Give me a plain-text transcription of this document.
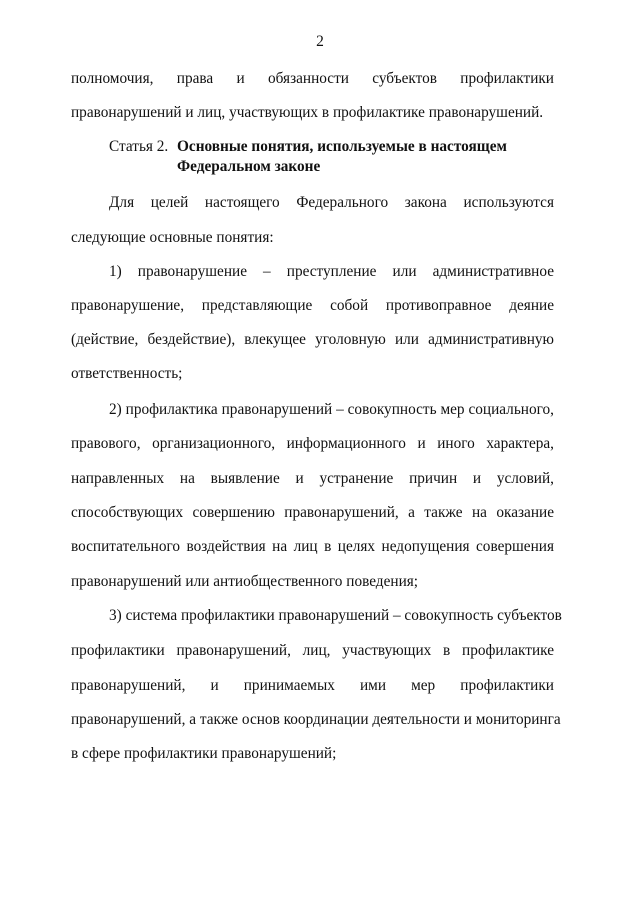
2
полномочия, права и обязанности субъектов профилактики
правонарушений и лиц, участвующих в профилактике правонарушений.
Статья 2. Основные понятия, используемые в настоящем
Федеральном законе
Для целей настоящего Федерального закона используются
следующие основные понятия:
1) правонарушение – преступление или административное
правонарушение, представляющие собой противоправное деяние
(действие, бездействие), влекущее уголовную или административную
ответственность;
2) профилактика правонарушений – совокупность мер социального,
правового, организационного, информационного и иного характера,
направленных на выявление и устранение причин и условий,
способствующих совершению правонарушений, а также на оказание
воспитательного воздействия на лиц в целях недопущения совершения
правонарушений или антиобщественного поведения;
3) система профилактики правонарушений – совокупность субъектов
профилактики правонарушений, лиц, участвующих в профилактике
правонарушений, и принимаемых ими мер профилактики
правонарушений, а также основ координации деятельности и мониторинга
в сфере профилактики правонарушений;
